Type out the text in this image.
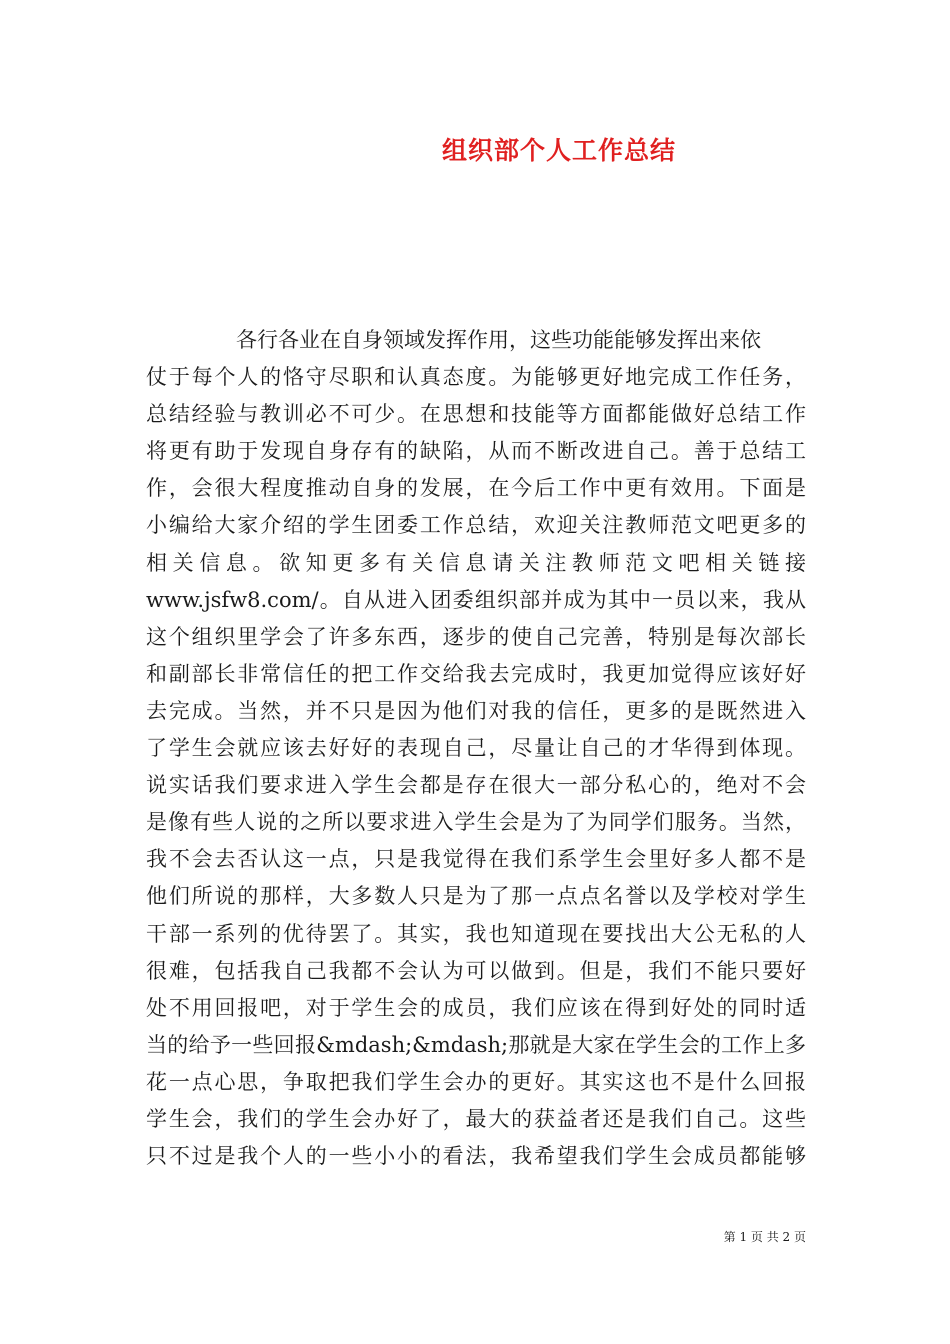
组织部个人工作总结
各行各业在自身领域发挥作用，这些功能能够发挥出来依
仗于每个人的恪守尽职和认真态度。为能够更好地完成工作任务，
总结经验与教训必不可少。在思想和技能等方面都能做好总结工作
将更有助于发现自身存有的缺陷，从而不断改进自己。善于总结工
作，会很大程度推动自身的发展，在今后工作中更有效用。下面是
小编给大家介绍的学生团委工作总结，欢迎关注教师范文吧更多的
相关信息。欲知更多有关信息请关注教师范文吧相关链接
www.jsfw8.com/。自从进入团委组织部并成为其中一员以来，我从
这个组织里学会了许多东西，逐步的使自己完善，特别是每次部长
和副部长非常信任的把工作交给我去完成时，我更加觉得应该好好
去完成。当然，并不只是因为他们对我的信任，更多的是既然进入
了学生会就应该去好好的表现自己，尽量让自己的才华得到体现。
说实话我们要求进入学生会都是存在很大一部分私心的，绝对不会
是像有些人说的之所以要求进入学生会是为了为同学们服务。当然，
我不会去否认这一点，只是我觉得在我们系学生会里好多人都不是
他们所说的那样，大多数人只是为了那一点点名誉以及学校对学生
干部一系列的优待罢了。其实，我也知道现在要找出大公无私的人
很难，包括我自己我都不会认为可以做到。但是，我们不能只要好
处不用回报吧，对于学生会的成员，我们应该在得到好处的同时适
当的给予一些回报&mdash;&mdash;那就是大家在学生会的工作上多
花一点心思，争取把我们学生会办的更好。其实这也不是什么回报
学生会，我们的学生会办好了，最大的获益者还是我们自己。这些
只不过是我个人的一些小小的看法，我希望我们学生会成员都能够
第 1 页 共 2 页
